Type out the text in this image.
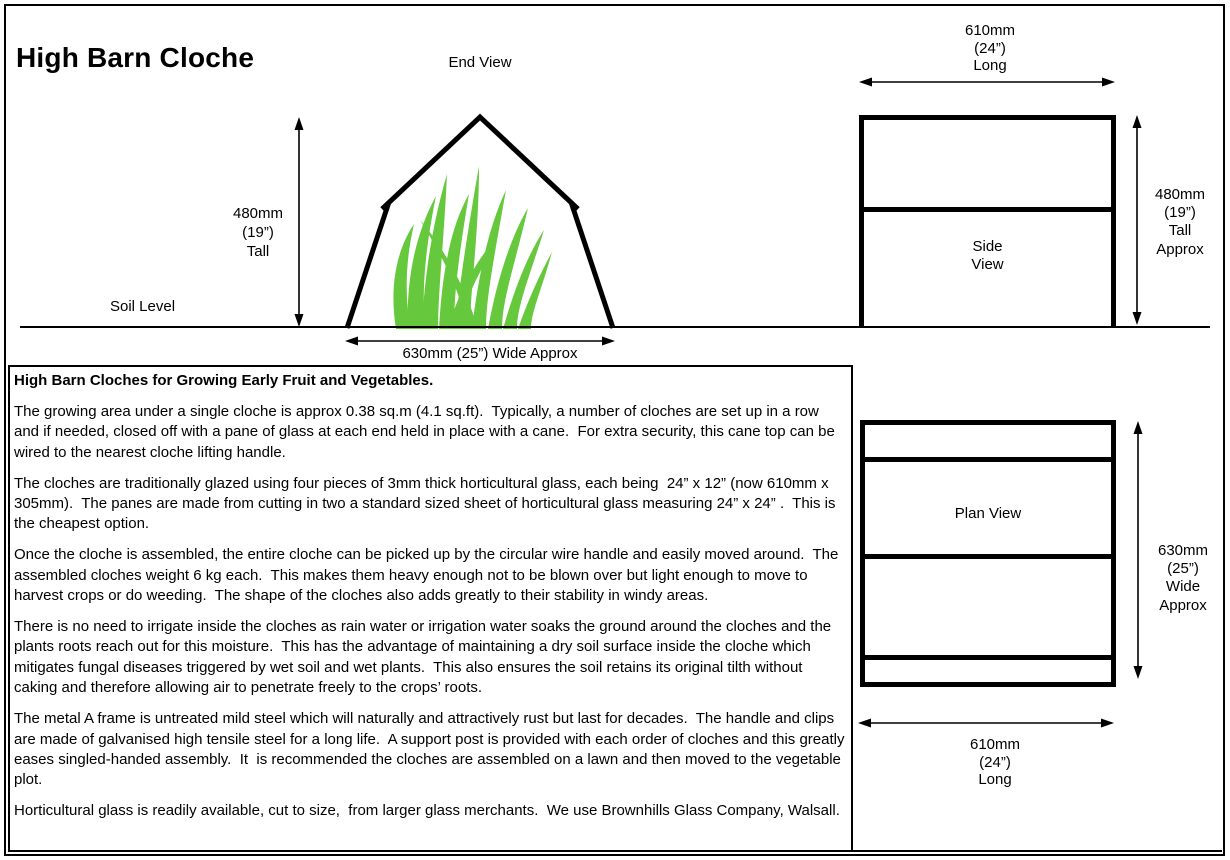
High Barn Cloche	End View
Soil Level
480mm
(19”)
Tall
630mm (25”) Wide Approx
610mm
(24”)
Long
Side
View
480mm
(19”)
Tall
Approx
Plan View
630mm
(25”)
Wide
Approx
610mm
(24”)
Long
High Barn Cloches for Growing Early Fruit and Vegetables.

The growing area under a single cloche is approx 0.38 sq.m (4.1 sq.ft).  Typically, a number of cloches are set up in a row and if needed, closed off with a pane of glass at each end held in place with a cane.  For extra security, this cane top can be wired to the nearest cloche lifting handle.

The cloches are traditionally glazed using four pieces of 3mm thick horticultural glass, each being  24” x 12” (now 610mm x 305mm).  The panes are made from cutting in two a standard sized sheet of horticultural glass measuring 24” x 24” .  This is the cheapest option.

Once the cloche is assembled, the entire cloche can be picked up by the circular wire handle and easily moved around.  The assembled cloches weight 6 kg each.  This makes them heavy enough not to be blown over but light enough to move to harvest crops or do weeding.  The shape of the cloches also adds greatly to their stability in windy areas.

There is no need to irrigate inside the cloches as rain water or irrigation water soaks the ground around the cloches and the plants roots reach out for this moisture.  This has the advantage of maintaining a dry soil surface inside the cloche which mitigates fungal diseases triggered by wet soil and wet plants.  This also ensures the soil retains its original tilth without caking and therefore allowing air to penetrate freely to the crops’ roots.

The metal A frame is untreated mild steel which will naturally and attractively rust but last for decades.  The handle and clips are made of galvanised high tensile steel for a long life.  A support post is provided with each order of cloches and this greatly eases singled-handed assembly.  It  is recommended the cloches are assembled on a lawn and then moved to the vegetable plot.

Horticultural glass is readily available, cut to size,  from larger glass merchants.  We use Brownhills Glass Company, Walsall.
